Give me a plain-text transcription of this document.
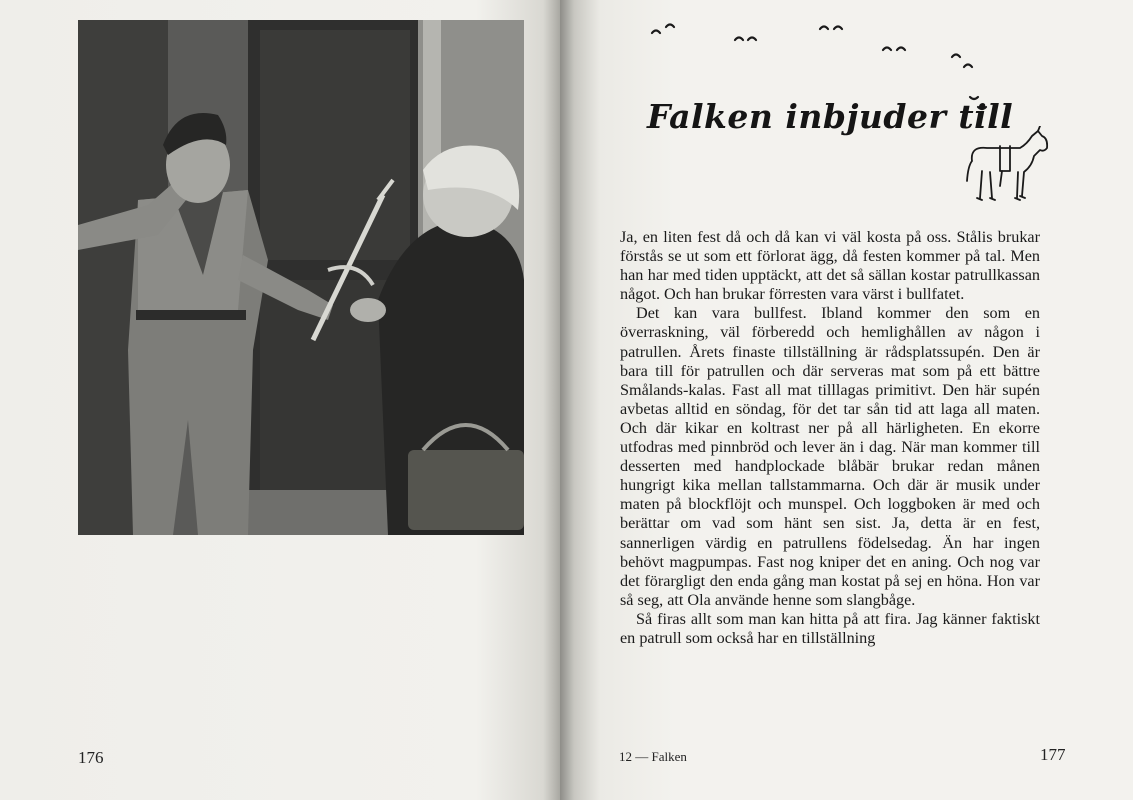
176
Falken inbjuder till

Ja, en liten fest då och då kan vi väl kosta på oss. Stålis brukar förstås se ut som ett förlorat ägg, då festen kommer på tal. Men han har med tiden upptäckt, att det så sällan kostar patrullkassan något. Och han brukar förresten vara värst i bullfatet.

Det kan vara bullfest. Ibland kommer den som en överraskning, väl förberedd och hemlighållen av någon i patrullen. Årets finaste tillställning är rådsplatssupén. Den är bara till för patrullen och där serveras mat som på ett bättre Smålands-kalas. Fast all mat tilllagas primitivt. Den här supén avbetas alltid en söndag, för det tar sån tid att laga all maten. Och där kikar en koltrast ner på all härligheten. En ekorre utfodras med pinnbröd och lever än i dag. När man kommer till desserten med handplockade blåbär brukar redan månen hungrigt kika mellan tallstammarna. Och där är musik under maten på blockflöjt och munspel. Och loggboken är med och berättar om vad som hänt sen sist. Ja, detta är en fest, sannerligen värdig en patrullens födelsedag. Än har ingen behövt magpumpas. Fast nog kniper det en aning. Och nog var det förargligt den enda gång man kostat på sej en höna. Hon var så seg, att Ola använde henne som slangbåge.

Så firas allt som man kan hitta på att fira. Jag känner faktiskt en patrull som också har en tillställning

12 — Falken	177
